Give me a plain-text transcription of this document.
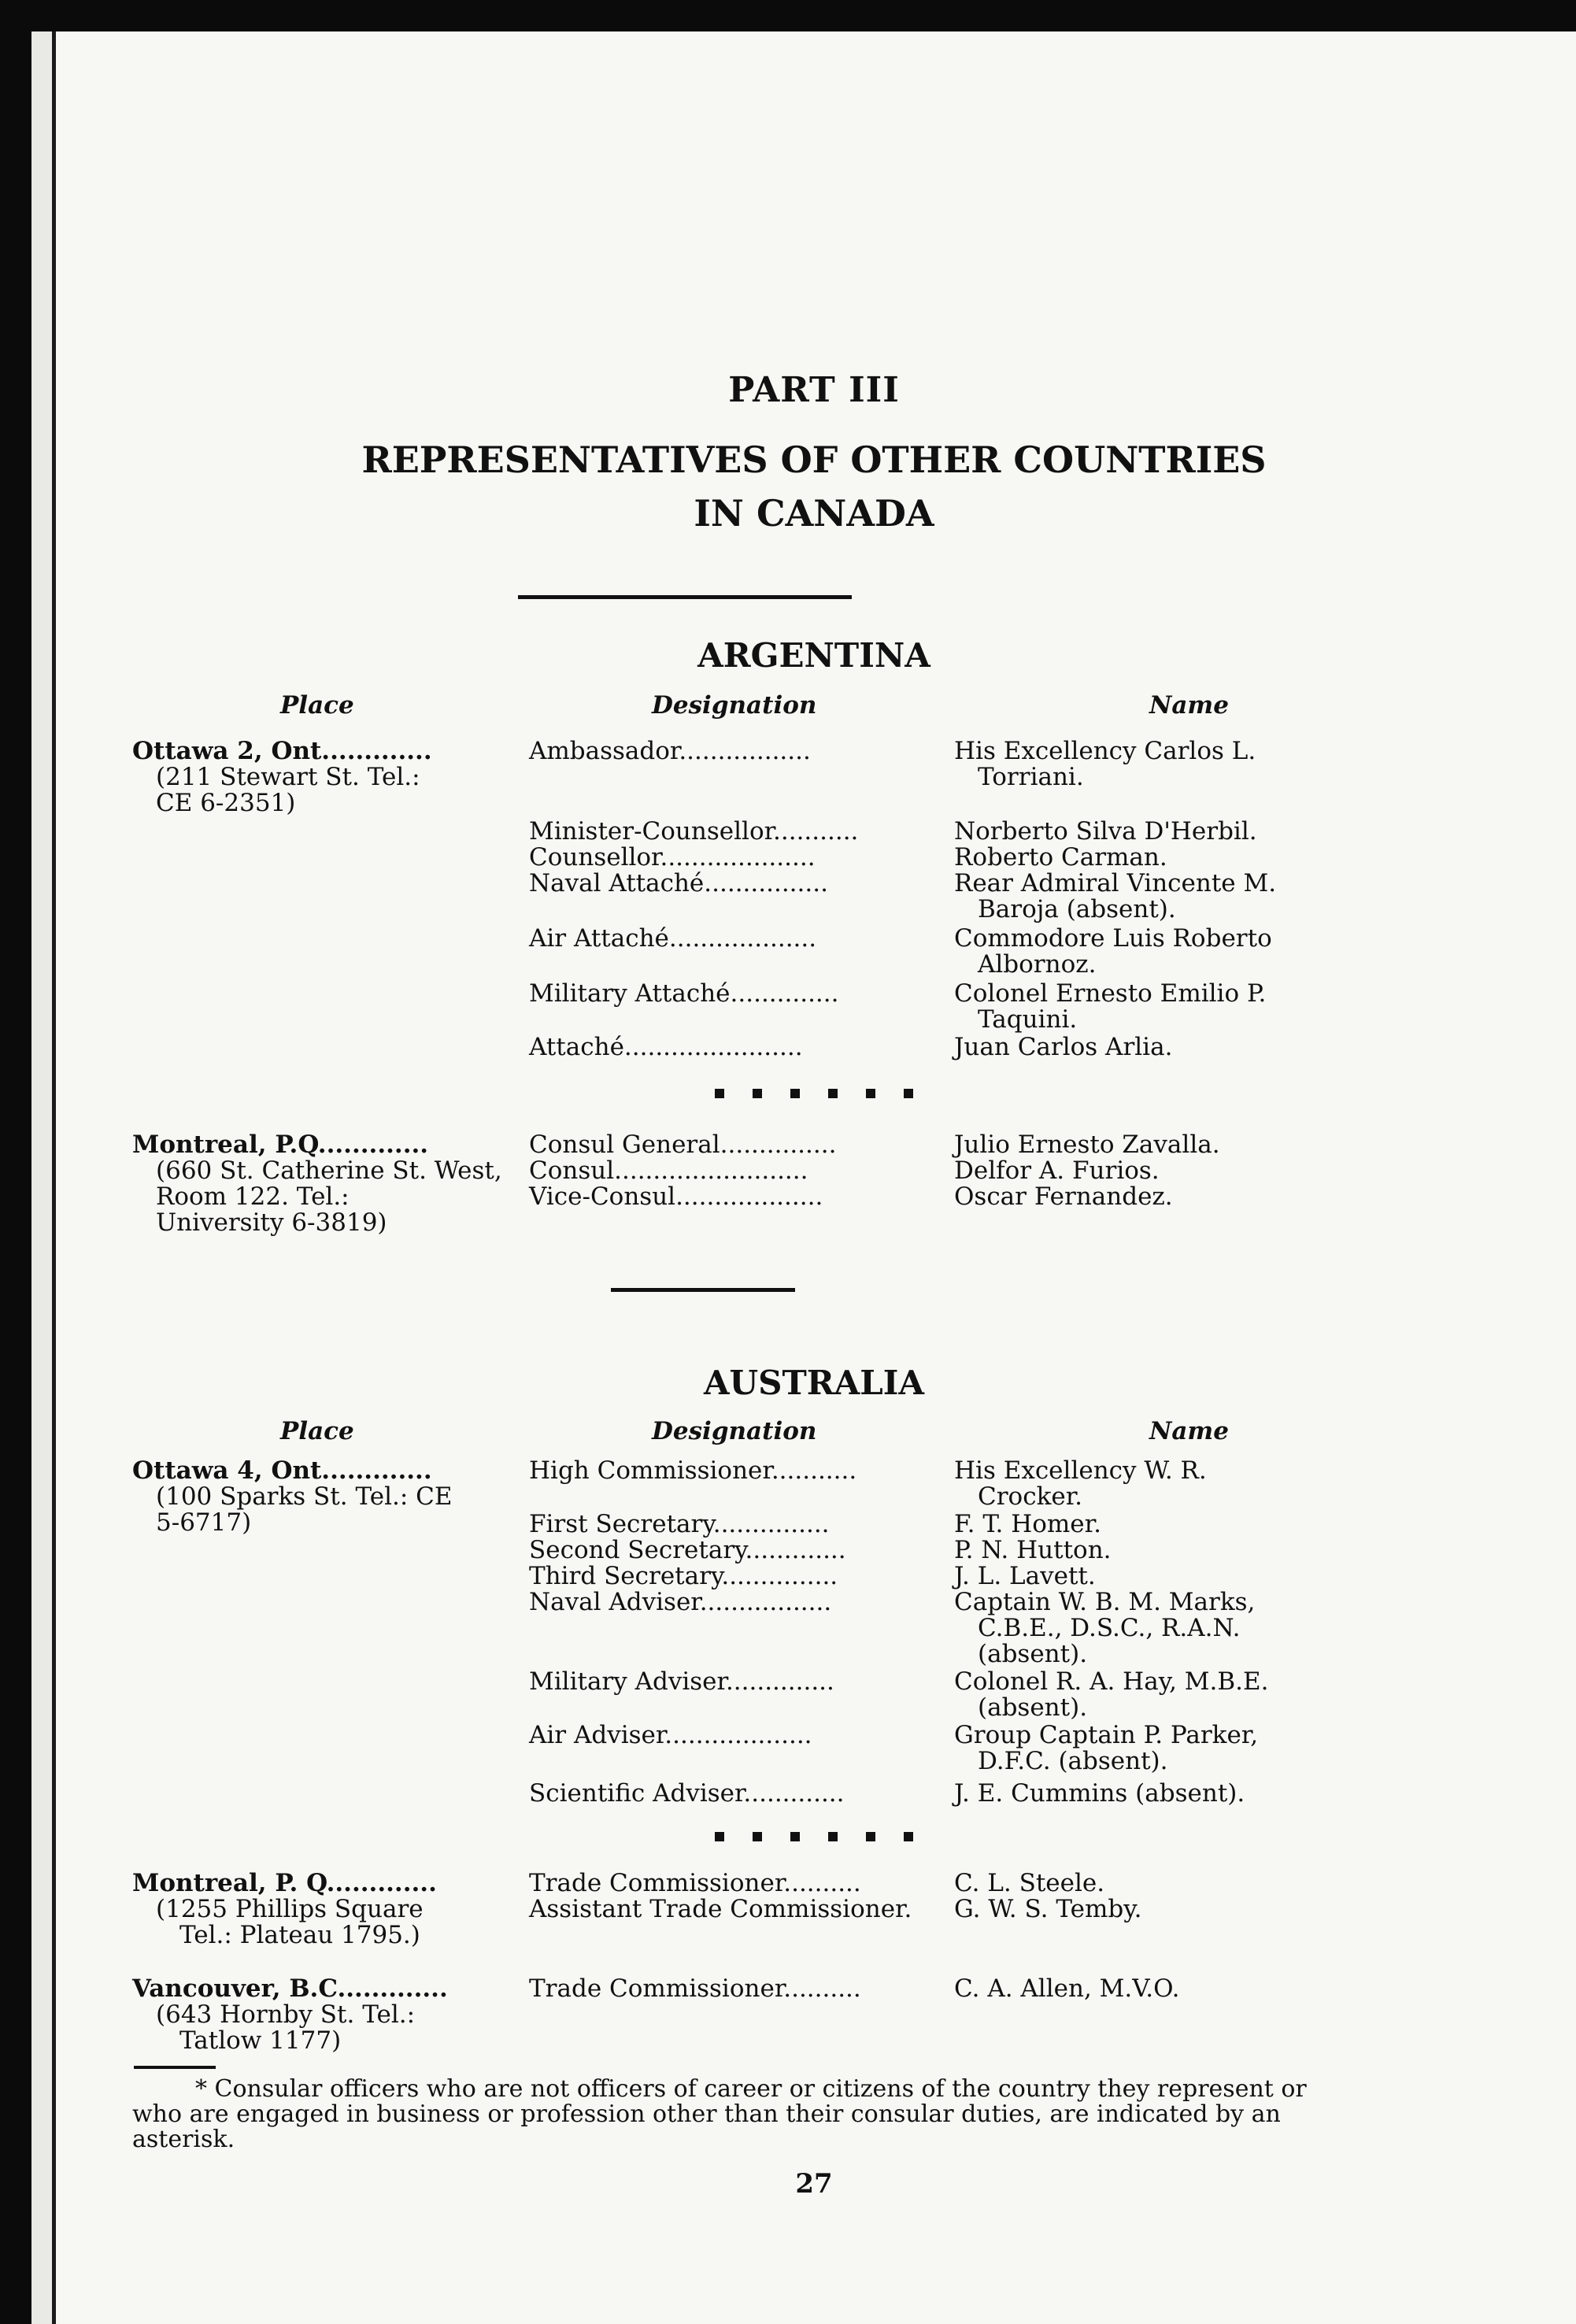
PART III
REPRESENTATIVES OF OTHER COUNTRIES
IN CANADA
ARGENTINA
Place	Designation	Name
Ottawa 2, Ont.............
(211 Stewart St. Tel.:
CE 6-2351)
Ambassador.................	His Excellency Carlos L.
Torriani.
Minister-Counsellor...........	Norberto Silva D'Herbil.
Counsellor....................	Roberto Carman.
Naval Attaché................	Rear Admiral Vincente M.
Baroja (absent).
Air Attaché...................	Commodore Luis Roberto
Albornoz.
Military Attaché..............	Colonel Ernesto Emilio P.
Taquini.
Attaché.......................	Juan Carlos Arlia.
Montreal, P.Q.............
(660 St. Catherine St. West,
Room 122. Tel.:
University 6-3819)
Consul General...............	Julio Ernesto Zavalla.
Consul.........................	Delfor A. Furios.
Vice-Consul...................	Oscar Fernandez.
AUSTRALIA
Place	Designation	Name
Ottawa 4, Ont.............
(100 Sparks St. Tel.: CE
5-6717)
High Commissioner...........	His Excellency W. R.
Crocker.
First Secretary...............	F. T. Homer.
Second Secretary.............	P. N. Hutton.
Third Secretary...............	J. L. Lavett.
Naval Adviser.................	Captain W. B. M. Marks,
C.B.E., D.S.C., R.A.N.
(absent).
Military Adviser..............	Colonel R. A. Hay, M.B.E.
(absent).
Air Adviser...................	Group Captain P. Parker,
D.F.C. (absent).
Scientific Adviser.............	J. E. Cummins (absent).
Montreal, P. Q.............
(1255 Phillips Square
Tel.: Plateau 1795.)
Trade Commissioner..........	C. L. Steele.
Assistant Trade Commissioner.	G. W. S. Temby.
Vancouver, B.C.............
(643 Hornby St. Tel.:
Tatlow 1177)
Trade Commissioner..........	C. A. Allen, M.V.O.
* Consular officers who are not officers of career or citizens of the country they represent or
who are engaged in business or profession other than their consular duties, are indicated by an
asterisk.
27
